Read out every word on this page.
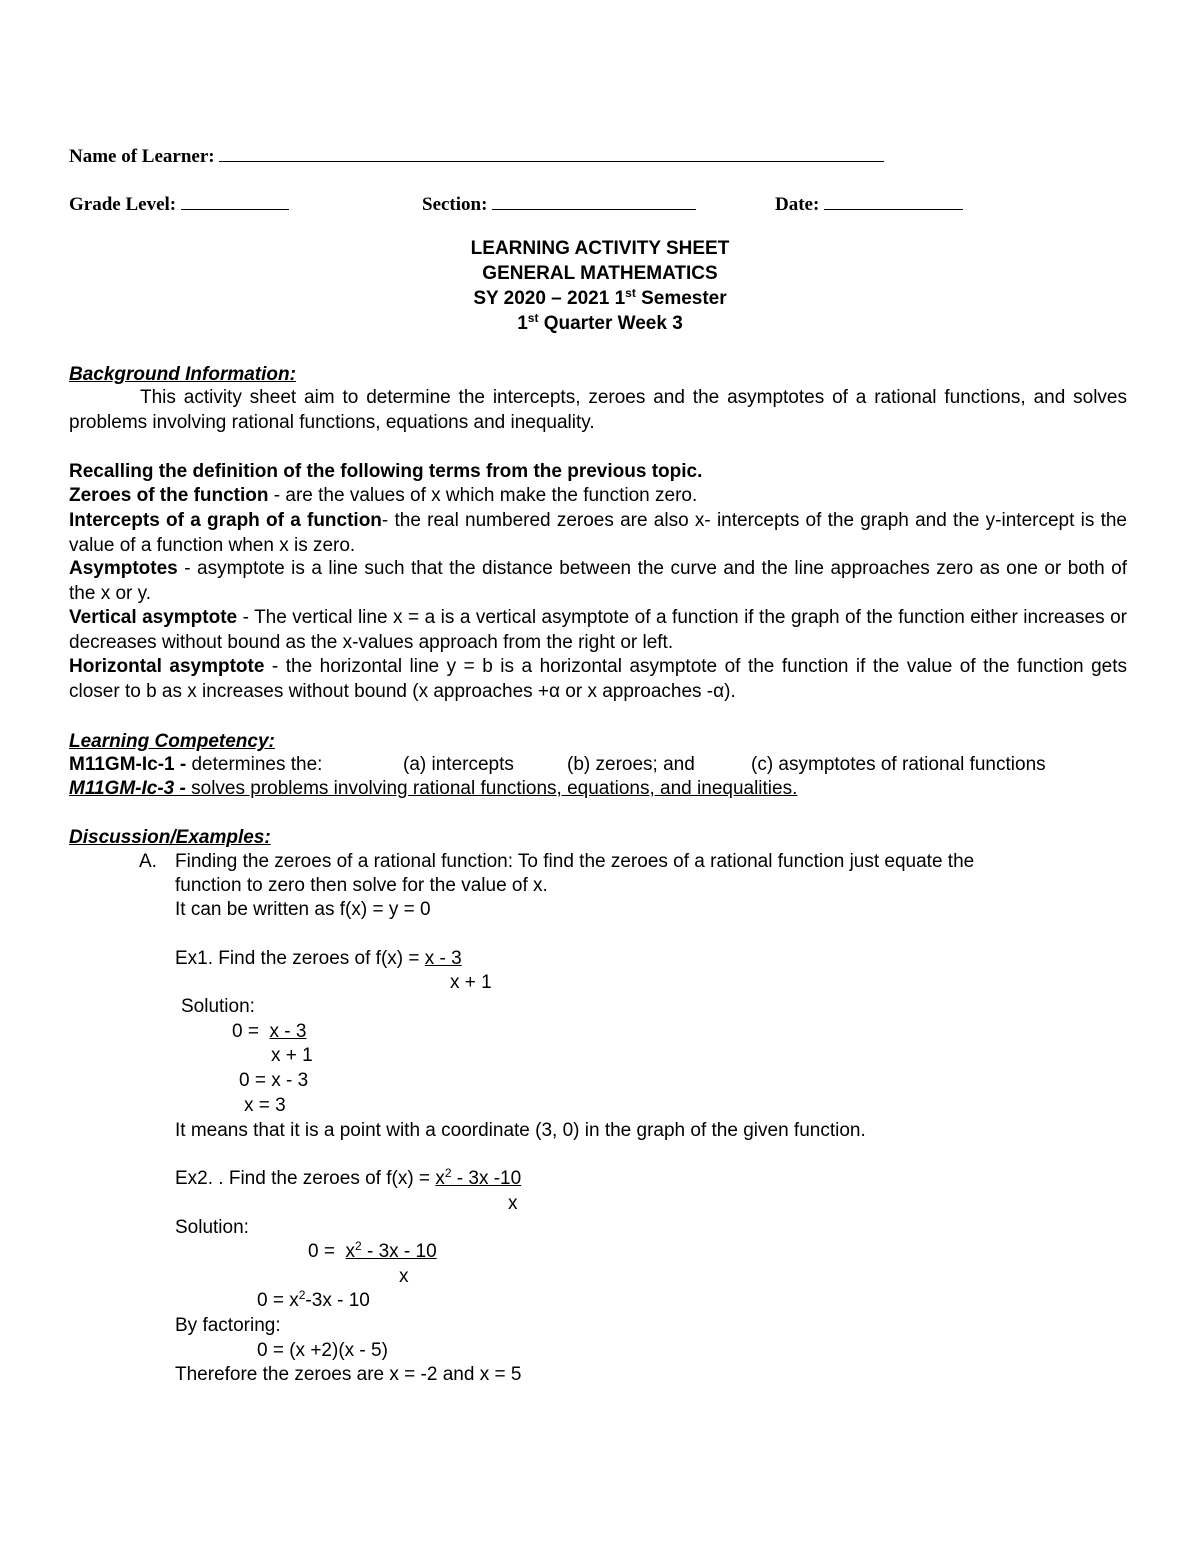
Name of Learner:
Grade Level:	Section:	Date:
LEARNING ACTIVITY SHEET
GENERAL MATHEMATICS
SY 2020 – 2021 1st Semester
1st Quarter Week 3
Background Information:
This activity sheet aim to determine the intercepts, zeroes and the asymptotes of a rational functions, and solves problems involving rational functions, equations and inequality.
Recalling the definition of the following terms from the previous topic.
Zeroes of the function - are the values of x which make the function zero.
Intercepts of a graph of a function- the real numbered zeroes are also x- intercepts of the graph and the y-intercept is the value of a function when x is zero.
Asymptotes - asymptote is a line such that the distance between the curve and the line approaches zero as one or both of the x or y.
Vertical asymptote - The vertical line x = a is a vertical asymptote of a function if the graph of the function either increases or decreases without bound as the x-values approach from the right or left.
Horizontal asymptote - the horizontal line y = b is a horizontal asymptote of the function if the value of the function gets closer to b as x increases without bound (x approaches +α or x approaches -α).
Learning Competency:
M11GM-Ic-1 - determines the:	(a) intercepts	(b) zeroes; and	(c) asymptotes of rational functions
M11GM-Ic-3 - solves problems involving rational functions, equations, and inequalities.
Discussion/Examples:
A. Finding the zeroes of a rational function: To find the zeroes of a rational function just equate the
function to zero then solve for the value of x.
It can be written as f(x) = y = 0
Ex1. Find the zeroes of f(x) = x - 3
x + 1
Solution:
0 =  x - 3
x + 1
0 = x - 3
x = 3
It means that it is a point with a coordinate (3, 0) in the graph of the given function.
Ex2. . Find the zeroes of $f(x) = x^2 - 3x$ -10
x
Solution:
$0 = x^2 - 3x - 10$
x
$0 = x^2-3x - 10$
By factoring:
0 = (x +2)(x - 5)
Therefore the zeroes are x = -2 and x = 5
